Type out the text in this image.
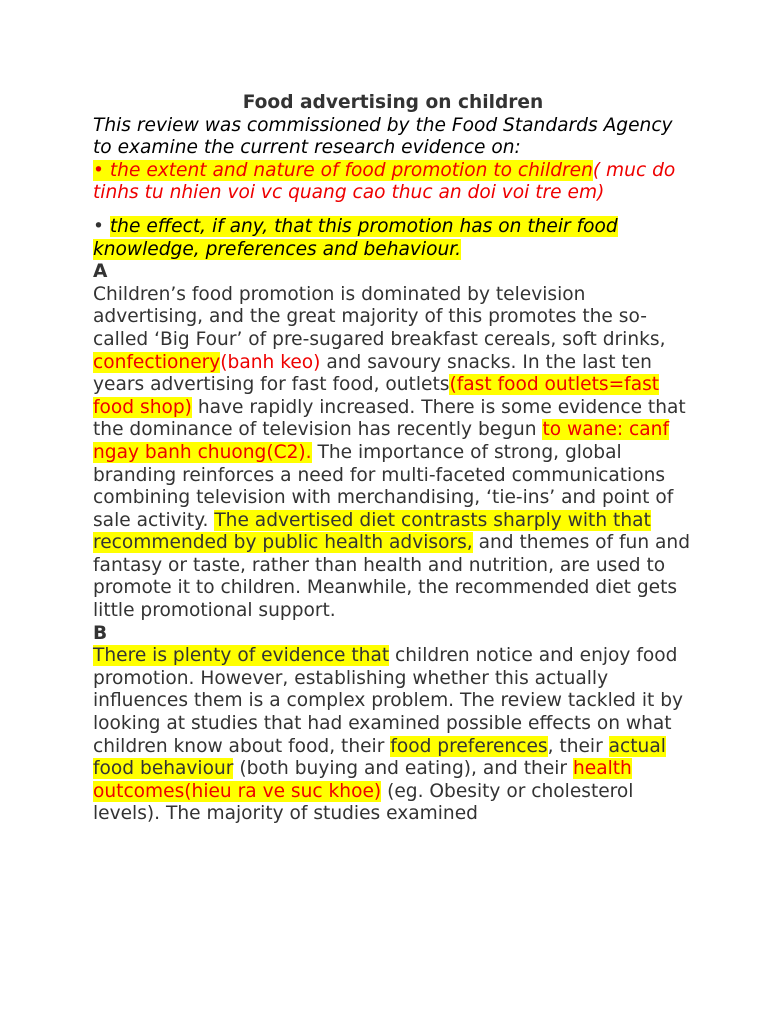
Food advertising on children

This review was commissioned by the Food Standards Agency to examine the current research evidence on:

• the extent and nature of food promotion to children( muc do tinhs tu nhien voi vc quang cao thuc an doi voi tre em)

• the effect, if any, that this promotion has on their food knowledge, preferences and behaviour.

A

Children’s food promotion is dominated by television advertising, and the great majority of this promotes the so-called ‘Big Four’ of pre-sugared breakfast cereals, soft drinks, confectionery(banh keo) and savoury snacks. In the last ten years advertising for fast food, outlets(fast food outlets=fast food shop) have rapidly increased. There is some evidence that the dominance of television has recently begun to wane: canf ngay banh chuong(C2). The importance of strong, global branding reinforces a need for multi-faceted communications combining television with merchandising, ‘tie-ins’ and point of sale activity. The advertised diet contrasts sharply with that recommended by public health advisors, and themes of fun and fantasy or taste, rather than health and nutrition, are used to promote it to children. Meanwhile, the recommended diet gets little promotional support.

B

There is plenty of evidence that children notice and enjoy food promotion. However, establishing whether this actually influences them is a complex problem. The review tackled it by looking at studies that had examined possible effects on what children know about food, their food preferences, their actual food behaviour (both buying and eating), and their health outcomes(hieu ra ve suc khoe) (eg. Obesity or cholesterol levels). The majority of studies examined
